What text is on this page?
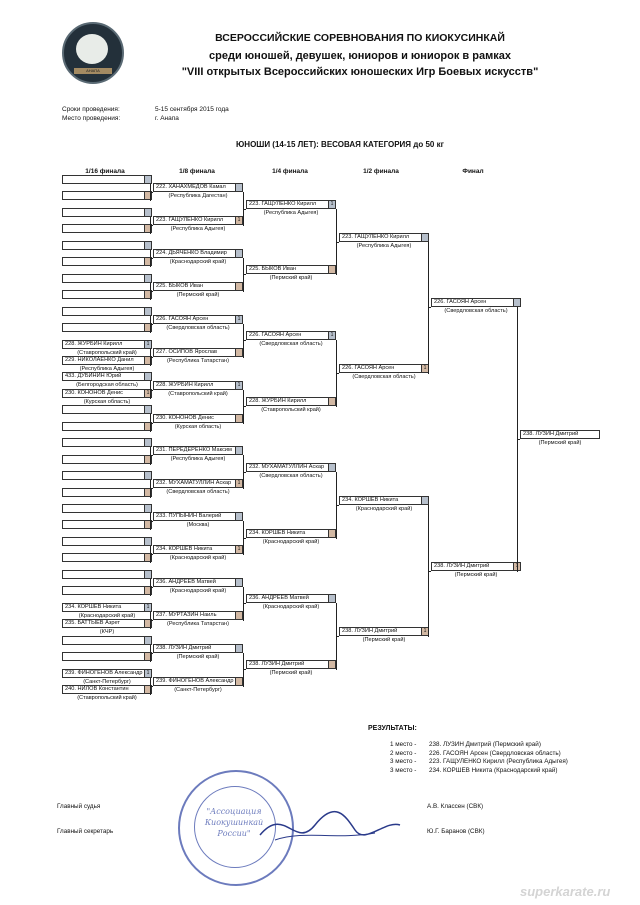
АНАПА
ВСЕРОССИЙСКИЕ СОРЕВНОВАНИЯ ПО КИОКУСИНКАЙ
среди юношей, девушек, юниоров и юниорок в рамках
"VIII открытых Всероссийских юношеских Игр Боевых искусств"
Сроки проведения:	5-15 сентября 2015 года
Место проведения:	г. Анапа
ЮНОШИ (14-15 ЛЕТ): ВЕСОВАЯ КАТЕГОРИЯ до 50 кг
1/16 финала	1/8 финала	1/4 финала	1/2 финала	Финал
(Ставропольский край)
228. ЖУРБИН Кирилл	1
(Республика Адыгея)
229. НИКОЛАЕНКО Данил
(Белгородская область)
433. ДУБИНИН Юрий
(Курская область)
230. КОНОНОВ Денис	1
(Краснодарский край)
234. КОРШЕВ Никита	1
(КЧР)
235. БАТТЫЕВ Азрет
(Санкт-Петербург)
239. ФИНОГЕНОВ Александр 1
(Ставропольский край)
240. НИЛОВ Константин
(Республика Дагестан)
222. ХАНАХМЕДОВ Камал
(Республика Адыгея)
223. ГАЩУЛЕНКО Кирилл	1
(Краснодарский край)
224. ДЬЯЧЕНКО Владимир
(Пермский край)
225. БЫКОВ Иван
(Свердловская область)
226. ГАСОЯН Арсен	1
(Республика Татарстан)
227. ОСИПОВ Ярослав
(Ставропольский край)
228. ЖУРБИН Кирилл	1
(Курская область)
230. КОНОНОВ Денис
(Республика Адыгея)
231. ПЕРЕДЕРЕНКО Максим
(Свердловская область)
232. МУХАМАТУЛЛИН Аскар	1
(Москва)
233. ПУПЫНИН Валерий
(Краснодарский край)
234. КОРШЕВ Никита	1
(Краснодарский край)
236. АНДРЕЕВ Матвей
(Республика Татарстан)
237. МУРТАЗИН Наиль
(Пермский край)
238. ЛУЗИН Дмитрий
(Санкт-Петербург)
239. ФИНОГЕНОВ Александр
(Республика Адыгея)
223. ГАЩУЛЕНКО Кирилл	1
(Пермский край)
225. БЫКОВ Иван
(Свердловская область)
226. ГАСОЯН Арсен	1
(Ставропольский край)
228. ЖУРБИН Кирилл
(Свердловская область)
232. МУХАМАТУЛЛИН Аскар
(Краснодарский край)
234. КОРШЕВ Никита
(Краснодарский край)
236. АНДРЕЕВ Матвей
(Пермский край)
238. ЛУЗИН Дмитрий
(Республика Адыгея)
223. ГАЩУЛЕНКО Кирилл
(Свердловская область)
226. ГАСОЯН Арсен	1
(Краснодарский край)
234. КОРШЕВ Никита
(Пермский край)
238. ЛУЗИН Дмитрий	1
(Свердловская область)
226. ГАСОЯН Арсен
(Пермский край)
238. ЛУЗИН Дмитрий
238. ЛУЗИН Дмитрий
(Пермский край)
РЕЗУЛЬТАТЫ:
1 место - 238. ЛУЗИН Дмитрий (Пермский край)
2 место - 226. ГАСОЯН Арсен (Свердловская область)
3 место - 223. ГАЩУЛЕНКО Кирилл (Республика Адыгея)
3 место - 234. КОРШЕВ Никита (Краснодарский край)
Главный судья	А.В. Классен (СВК)
Главный секретарь	Ю.Г. Баранов (СВК)
"Ассоциация Киокушинкай России"
superkarate.ru
